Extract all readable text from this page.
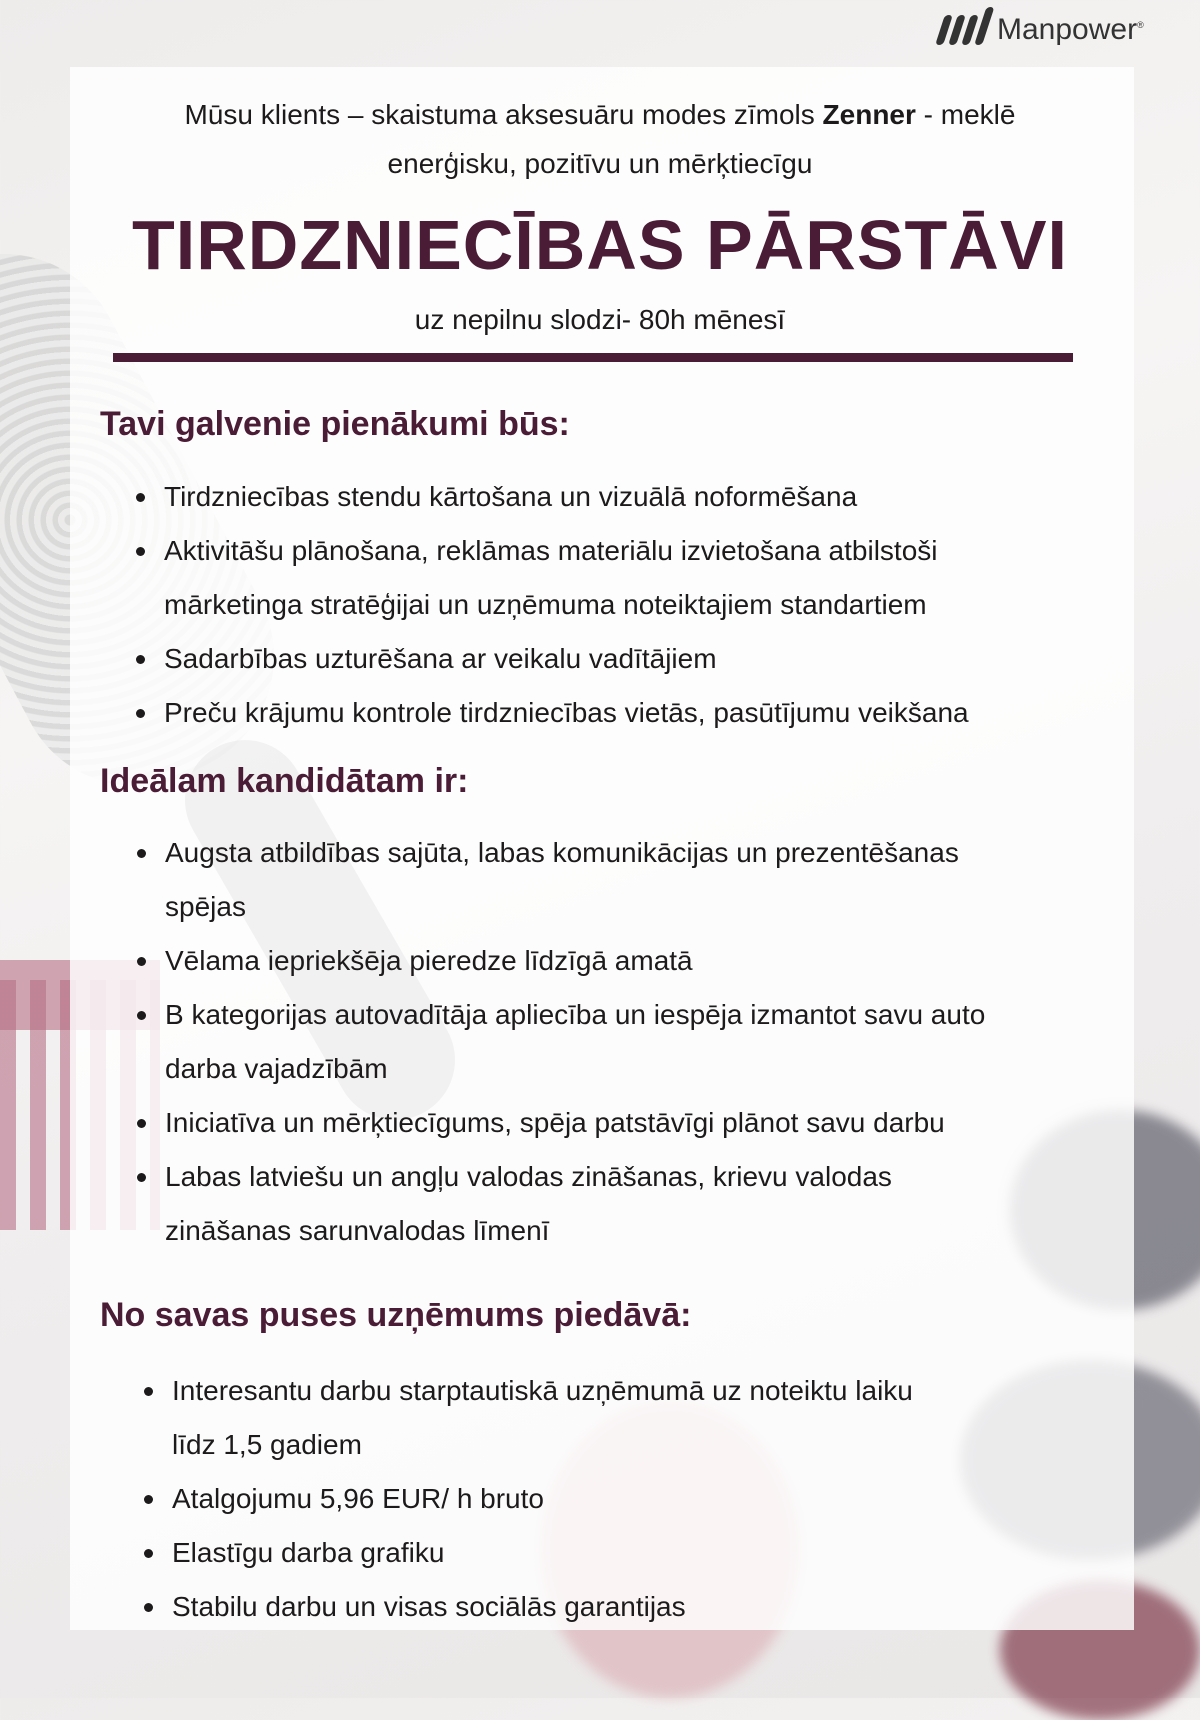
Manpower®
Mūsu klients – skaistuma aksesuāru modes zīmols Zenner - meklē
enerģisku, pozitīvu un mērķtiecīgu
TIRDZNIECĪBAS PĀRSTĀVI
uz nepilnu slodzi- 80h mēnesī
Tavi galvenie pienākumi būs:
Tirdzniecības stendu kārtošana un vizuālā noformēšana
Aktivitāšu plānošana, reklāmas materiālu izvietošana atbilstoši
mārketinga stratēģijai un uzņēmuma noteiktajiem standartiem
Sadarbības uzturēšana ar veikalu vadītājiem
Preču krājumu kontrole tirdzniecības vietās, pasūtījumu veikšana
Ideālam kandidātam ir:
Augsta atbildības sajūta, labas komunikācijas un prezentēšanas
spējas
Vēlama iepriekšēja pieredze līdzīgā amatā
B kategorijas autovadītāja apliecība un iespēja izmantot savu auto
darba vajadzībām
Iniciatīva un mērķtiecīgums, spēja patstāvīgi plānot savu darbu
Labas latviešu un angļu valodas zināšanas, krievu valodas
zināšanas sarunvalodas līmenī
No savas puses uzņēmums piedāvā:
Interesantu darbu starptautiskā uzņēmumā uz noteiktu laiku
līdz 1,5 gadiem
Atalgojumu 5,96 EUR/ h bruto
Elastīgu darba grafiku
Stabilu darbu un visas sociālās garantijas
